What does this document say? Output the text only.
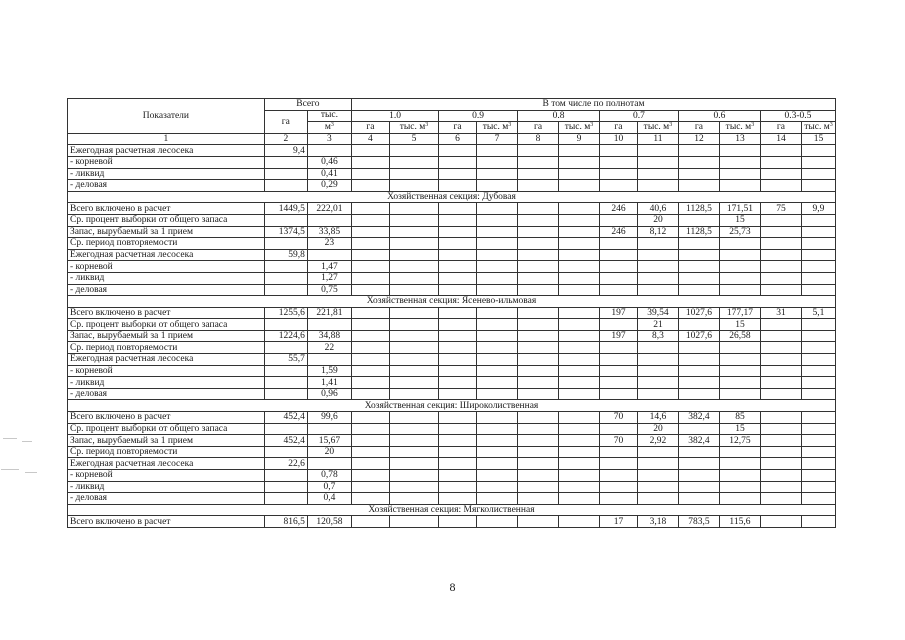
Показатели	Всего		В том числе по полнотам											
	га	тыс.	1.0		0.9		0.8		0.7		0.6		0.3-0.5	
		$м^3$	га	тыс. $м^3$	га	тыс. $м^3$	га	тыс. $м^3$	га	тыс. $м^3$	га	тыс. $м^3$	га	тыс. $м^3$
1	2	3	4	5	6	7	8	9	10	11	12	13	14	15
Ежегодная расчетная лесосека	9,4													
- корневой		0,46												
- ликвид		0,41												
- деловая		0,29												
Хозяйственная секция: Дубовая														
Всего включено в расчет	1449,5	222,01							246	40,6	1128,5	171,51	75	9,9
Ср. процент выборки от общего запаса										20		15		
Запас, вырубаемый за 1 прием	1374,5	33,85							246	8,12	1128,5	25,73		
Ср. период повторяемости		23												
Ежегодная расчетная лесосека	59,8													
- корневой		1,47												
- ликвид		1,27												
- деловая		0,75												
Хозяйственная секция: Ясенево-ильмовая														
Всего включено в расчет	1255,6	221,81							197	39,54	1027,6	177,17	31	5,1
Ср. процент выборки от общего запаса										21		15		
Запас, вырубаемый за 1 прием	1224,6	34,88							197	8,3	1027,6	26,58		
Ср. период повторяемости		22												
Ежегодная расчетная лесосека	55,7													
- корневой		1,59												
- ликвид		1,41												
- деловая		0,96												
Хозяйственная секция: Широколиственная														
Всего включено в расчет	452,4	99,6							70	14,6	382,4	85		
Ср. процент выборки от общего запаса										20		15		
Запас, вырубаемый за 1 прием	452,4	15,67							70	2,92	382,4	12,75		
Ср. период повторяемости		20												
Ежегодная расчетная лесосека	22,6													
- корневой		0,78												
- ликвид		0,7												
- деловая		0,4												
Хозяйственная секция: Мягколиственная														
Всего включено в расчет	816,5	120,58							17	3,18	783,5	115,6		
8
